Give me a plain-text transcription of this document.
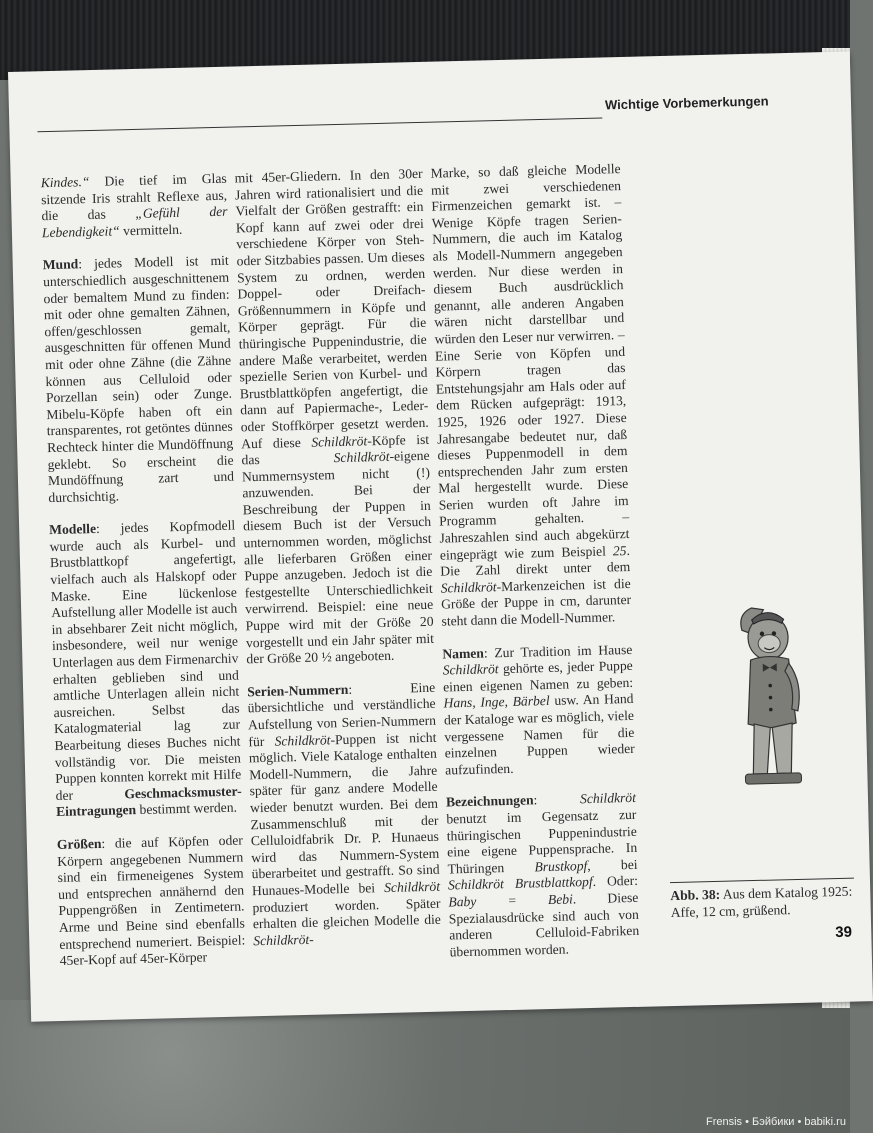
Wichtige Vorbemerkungen

Kindes.“ Die tief im Glas sitzende Iris strahlt Reflexe aus, die das „Gefühl der Lebendigkeit“ vermitteln.

Mund: jedes Modell ist mit unterschiedlich ausgeschnittenem oder bemaltem Mund zu finden: mit oder ohne gemalten Zähnen, offen/geschlossen gemalt, ausgeschnitten für offenen Mund mit oder ohne Zähne (die Zähne können aus Celluloid oder Porzellan sein) oder Zunge. Mibelu-Köpfe haben oft ein transparentes, rot getöntes dünnes Rechteck hinter die Mundöffnung geklebt. So erscheint die Mundöffnung zart und durchsichtig.

Modelle: jedes Kopfmodell wurde auch als Kurbel- und Brustblattkopf angefertigt, vielfach auch als Halskopf oder Maske. Eine lückenlose Aufstellung aller Modelle ist auch in absehbarer Zeit nicht möglich, insbesondere, weil nur wenige Unterlagen aus dem Firmenarchiv erhalten geblieben sind und amtliche Unterlagen allein nicht ausreichen. Selbst das Katalogmaterial lag zur Bearbeitung dieses Buches nicht vollständig vor. Die meisten Puppen konnten korrekt mit Hilfe der Geschmacksmuster-Eintragungen bestimmt werden.

Größen: die auf Köpfen oder Körpern angegebenen Nummern sind ein firmeneigenes System und entsprechen annähernd den Puppengrößen in Zentimetern. Arme und Beine sind ebenfalls entsprechend numeriert. Beispiel: 45er-Kopf auf 45er-Körper

mit 45er-Gliedern. In den 30er Jahren wird rationalisiert und die Vielfalt der Größen gestrafft: ein Kopf kann auf zwei oder drei verschiedene Körper von Steh- oder Sitzbabies passen. Um dieses System zu ordnen, werden Doppel- oder Dreifach-Größennummern in Köpfe und Körper geprägt. Für die thüringische Puppenindustrie, die andere Maße verarbeitet, werden spezielle Serien von Kurbel- und Brustblattköpfen angefertigt, die dann auf Papiermache-, Leder- oder Stoffkörper gesetzt werden. Auf diese Schildkröt-Köpfe ist das Schildkröt-eigene Nummernsystem nicht (!) anzuwenden. Bei der Beschreibung der Puppen in diesem Buch ist der Versuch unternommen worden, möglichst alle lieferbaren Größen einer Puppe anzugeben. Jedoch ist die festgestellte Unterschiedlichkeit verwirrend. Beispiel: eine neue Puppe wird mit der Größe 20 vorgestellt und ein Jahr später mit der Größe 20 ½ angeboten.

Serien-Nummern: Eine übersichtliche und verständliche Aufstellung von Serien-Nummern für Schildkröt-Puppen ist nicht möglich. Viele Kataloge enthalten Modell-Nummern, die Jahre später für ganz andere Modelle wieder benutzt wurden. Bei dem Zusammenschluß mit der Celluloidfabrik Dr. P. Hunaeus wird das Nummern-System überarbeitet und gestrafft. So sind Hunaues-Modelle bei Schildkröt produziert worden. Später erhalten die gleichen Modelle die Schildkröt-

Marke, so daß gleiche Modelle mit zwei verschiedenen Firmenzeichen gemarkt ist. – Wenige Köpfe tragen Serien-Nummern, die auch im Katalog als Modell-Nummern angegeben werden. Nur diese werden in diesem Buch ausdrücklich genannt, alle anderen Angaben wären nicht darstellbar und würden den Leser nur verwirren. – Eine Serie von Köpfen und Körpern tragen das Entstehungsjahr am Hals oder auf dem Rücken aufgeprägt: 1913, 1925, 1926 oder 1927. Diese Jahresangabe bedeutet nur, daß dieses Puppenmodell in dem entsprechenden Jahr zum ersten Mal hergestellt wurde. Diese Serien wurden oft Jahre im Programm gehalten. – Jahreszahlen sind auch abgekürzt eingeprägt wie zum Beispiel 25. Die Zahl direkt unter dem Schildkröt-Markenzeichen ist die Größe der Puppe in cm, darunter steht dann die Modell-Nummer.

Namen: Zur Tradition im Hause Schildkröt gehörte es, jeder Puppe einen eigenen Namen zu geben: Hans, Inge, Bärbel usw. An Hand der Kataloge war es möglich, viele vergessene Namen für die einzelnen Puppen wieder aufzufinden.

Bezeichnungen: Schildkröt benutzt im Gegensatz zur thüringischen Puppenindustrie eine eigene Puppensprache. In Thüringen Brustkopf, bei Schildkröt Brustblattkopf. Oder: Baby = Bebi. Diese Spezialausdrücke sind auch von anderen Celluloid-Fabriken übernommen worden.

Abb. 38: Aus dem Katalog 1925: Affe, 12 cm, grüßend.
39
Frensis • Бэйбики • babiki.ru
